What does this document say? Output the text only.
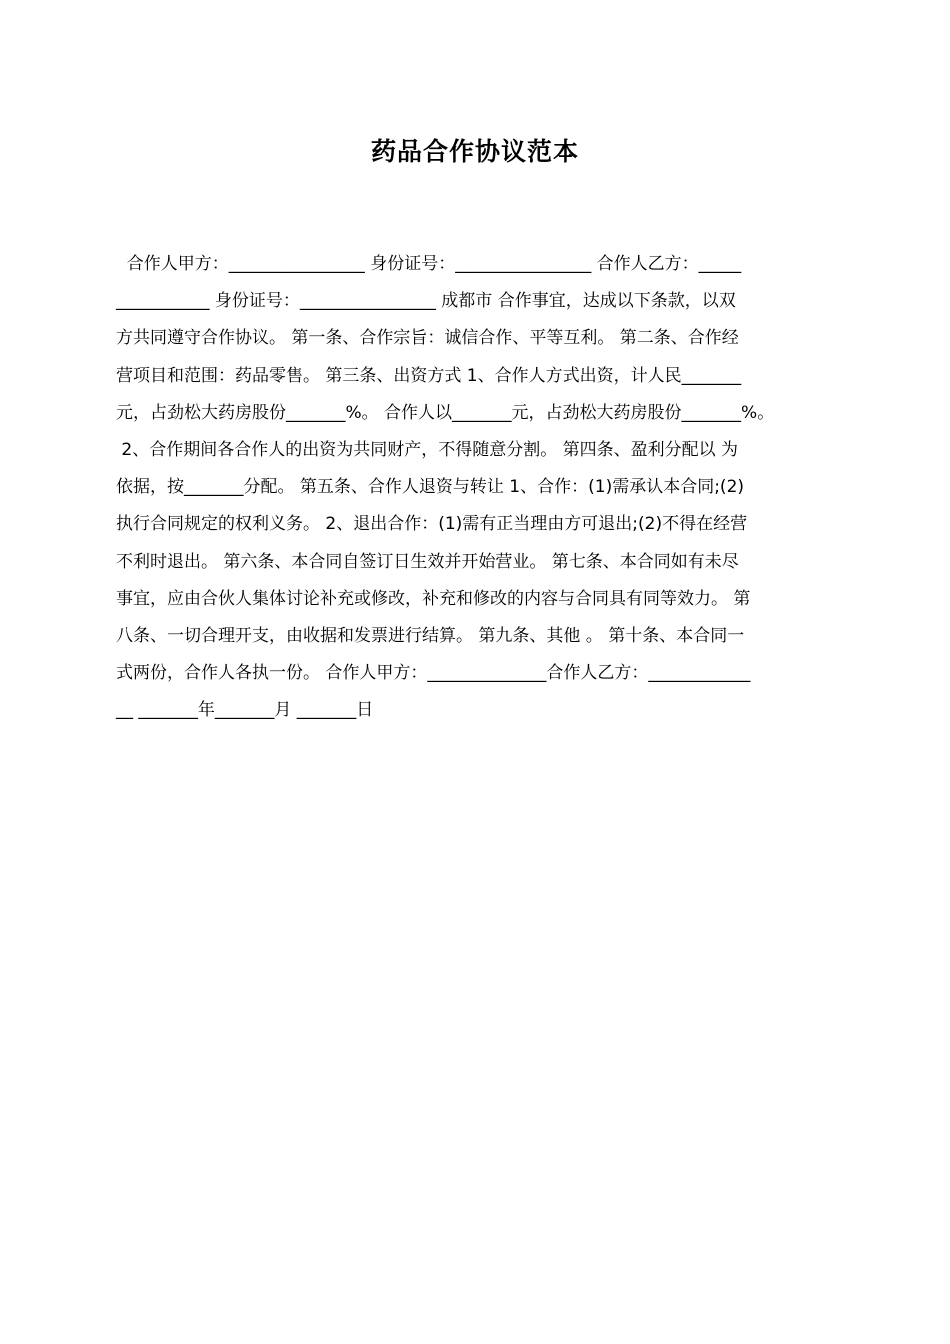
药品合作协议范本
合作人甲方：________________ 身份证号：________________ 合作人乙方：_____
___________ 身份证号：________________ 成都市 合作事宜，达成以下条款，以双
方共同遵守合作协议。 第一条、合作宗旨：诚信合作、平等互利。 第二条、合作经
营项目和范围：药品零售。 第三条、出资方式 1、合作人方式出资，计人民_______
元，占劲松大药房股份_______%。 合作人以_______元，占劲松大药房股份_______%。
2、合作期间各合作人的出资为共同财产，不得随意分割。 第四条、盈利分配以 为
依据，按_______分配。 第五条、合作人退资与转让 1、合作：(1)需承认本合同;(2)
执行合同规定的权利义务。 2、退出合作：(1)需有正当理由方可退出;(2)不得在经营
不利时退出。 第六条、本合同自签订日生效并开始营业。 第七条、本合同如有未尽
事宜，应由合伙人集体讨论补充或修改，补充和修改的内容与合同具有同等效力。 第
八条、一切合理开支，由收据和发票进行结算。 第九条、其他 。 第十条、本合同一
式两份，合作人各执一份。 合作人甲方：______________合作人乙方：____________
__ _______年_______月 _______日
